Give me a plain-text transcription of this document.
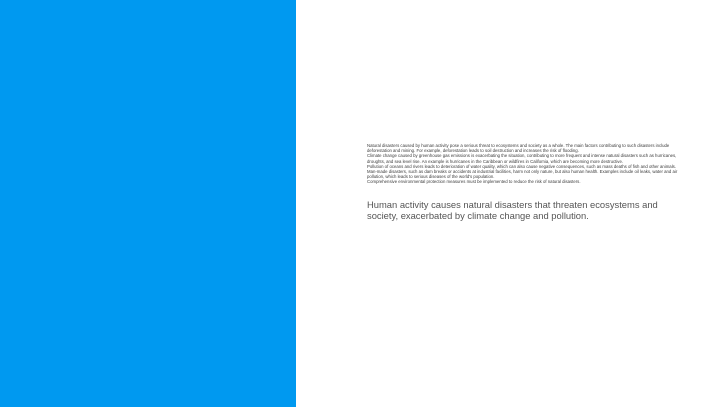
Natural disasters caused by human activity pose a serious threat to ecosystems and society as a whole. The main factors contributing to such disasters include deforestation and mining. For example, deforestation leads to soil destruction and increases the risk of flooding.

Climate change caused by greenhouse gas emissions is exacerbating the situation, contributing to more frequent and intense natural disasters such as hurricanes, droughts, and sea level rise. An example is hurricanes in the Caribbean or wildfires in California, which are becoming more destructive.

Pollution of oceans and rivers leads to deterioration of water quality, which can also cause negative consequences, such as mass deaths of fish and other animals.

Man-made disasters, such as dam breaks or accidents at industrial facilities, harm not only nature, but also human health. Examples include oil leaks, water and air pollution, which leads to serious diseases of the world's population.

Comprehensive environmental protection measures must be implemented to reduce the risk of natural disasters.

Human activity causes natural disasters that threaten ecosystems and society, exacerbated by climate change and pollution.
